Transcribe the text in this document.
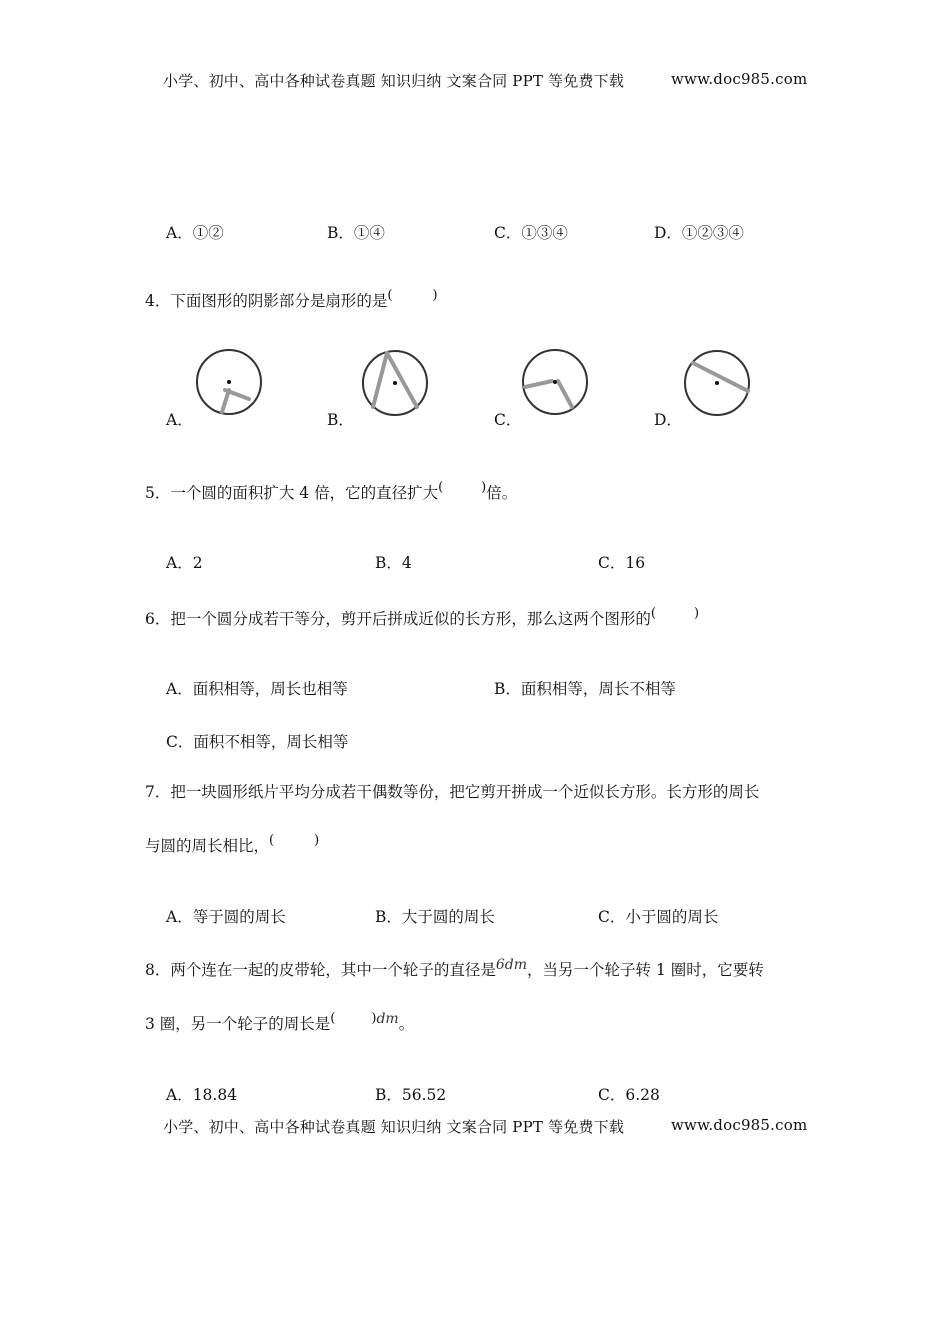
小学、初中、高中各种试卷真题 知识归纳 文案合同 PPT 等免费下载	www.doc985.com
A．①②	B．①④	C．①③④	D．①②③④
4．下面图形的阴影部分是扇形的是(	)
A．	B．	C．	D．
5．一个圆的面积扩大 4 倍，它的直径扩大(	)倍。
A．2	B．4	C．16
6．把一个圆分成若干等分，剪开后拼成近似的长方形，那么这两个图形的(	)
A．面积相等，周长也相等	B．面积相等，周长不相等
C．面积不相等，周长相等
7．把一块圆形纸片平均分成若干偶数等份，把它剪开拼成一个近似长方形。长方形的周长
与圆的周长相比，(	)
A．等于圆的周长	B．大于圆的周长	C．小于圆的周长
8．两个连在一起的皮带轮，其中一个轮子的直径是6dm，当另一个轮子转 1 圈时，它要转
3 圈，另一个轮子的周长是(	)dm。
A．18.84	B．56.52	C．6.28
小学、初中、高中各种试卷真题 知识归纳 文案合同 PPT 等免费下载	www.doc985.com
